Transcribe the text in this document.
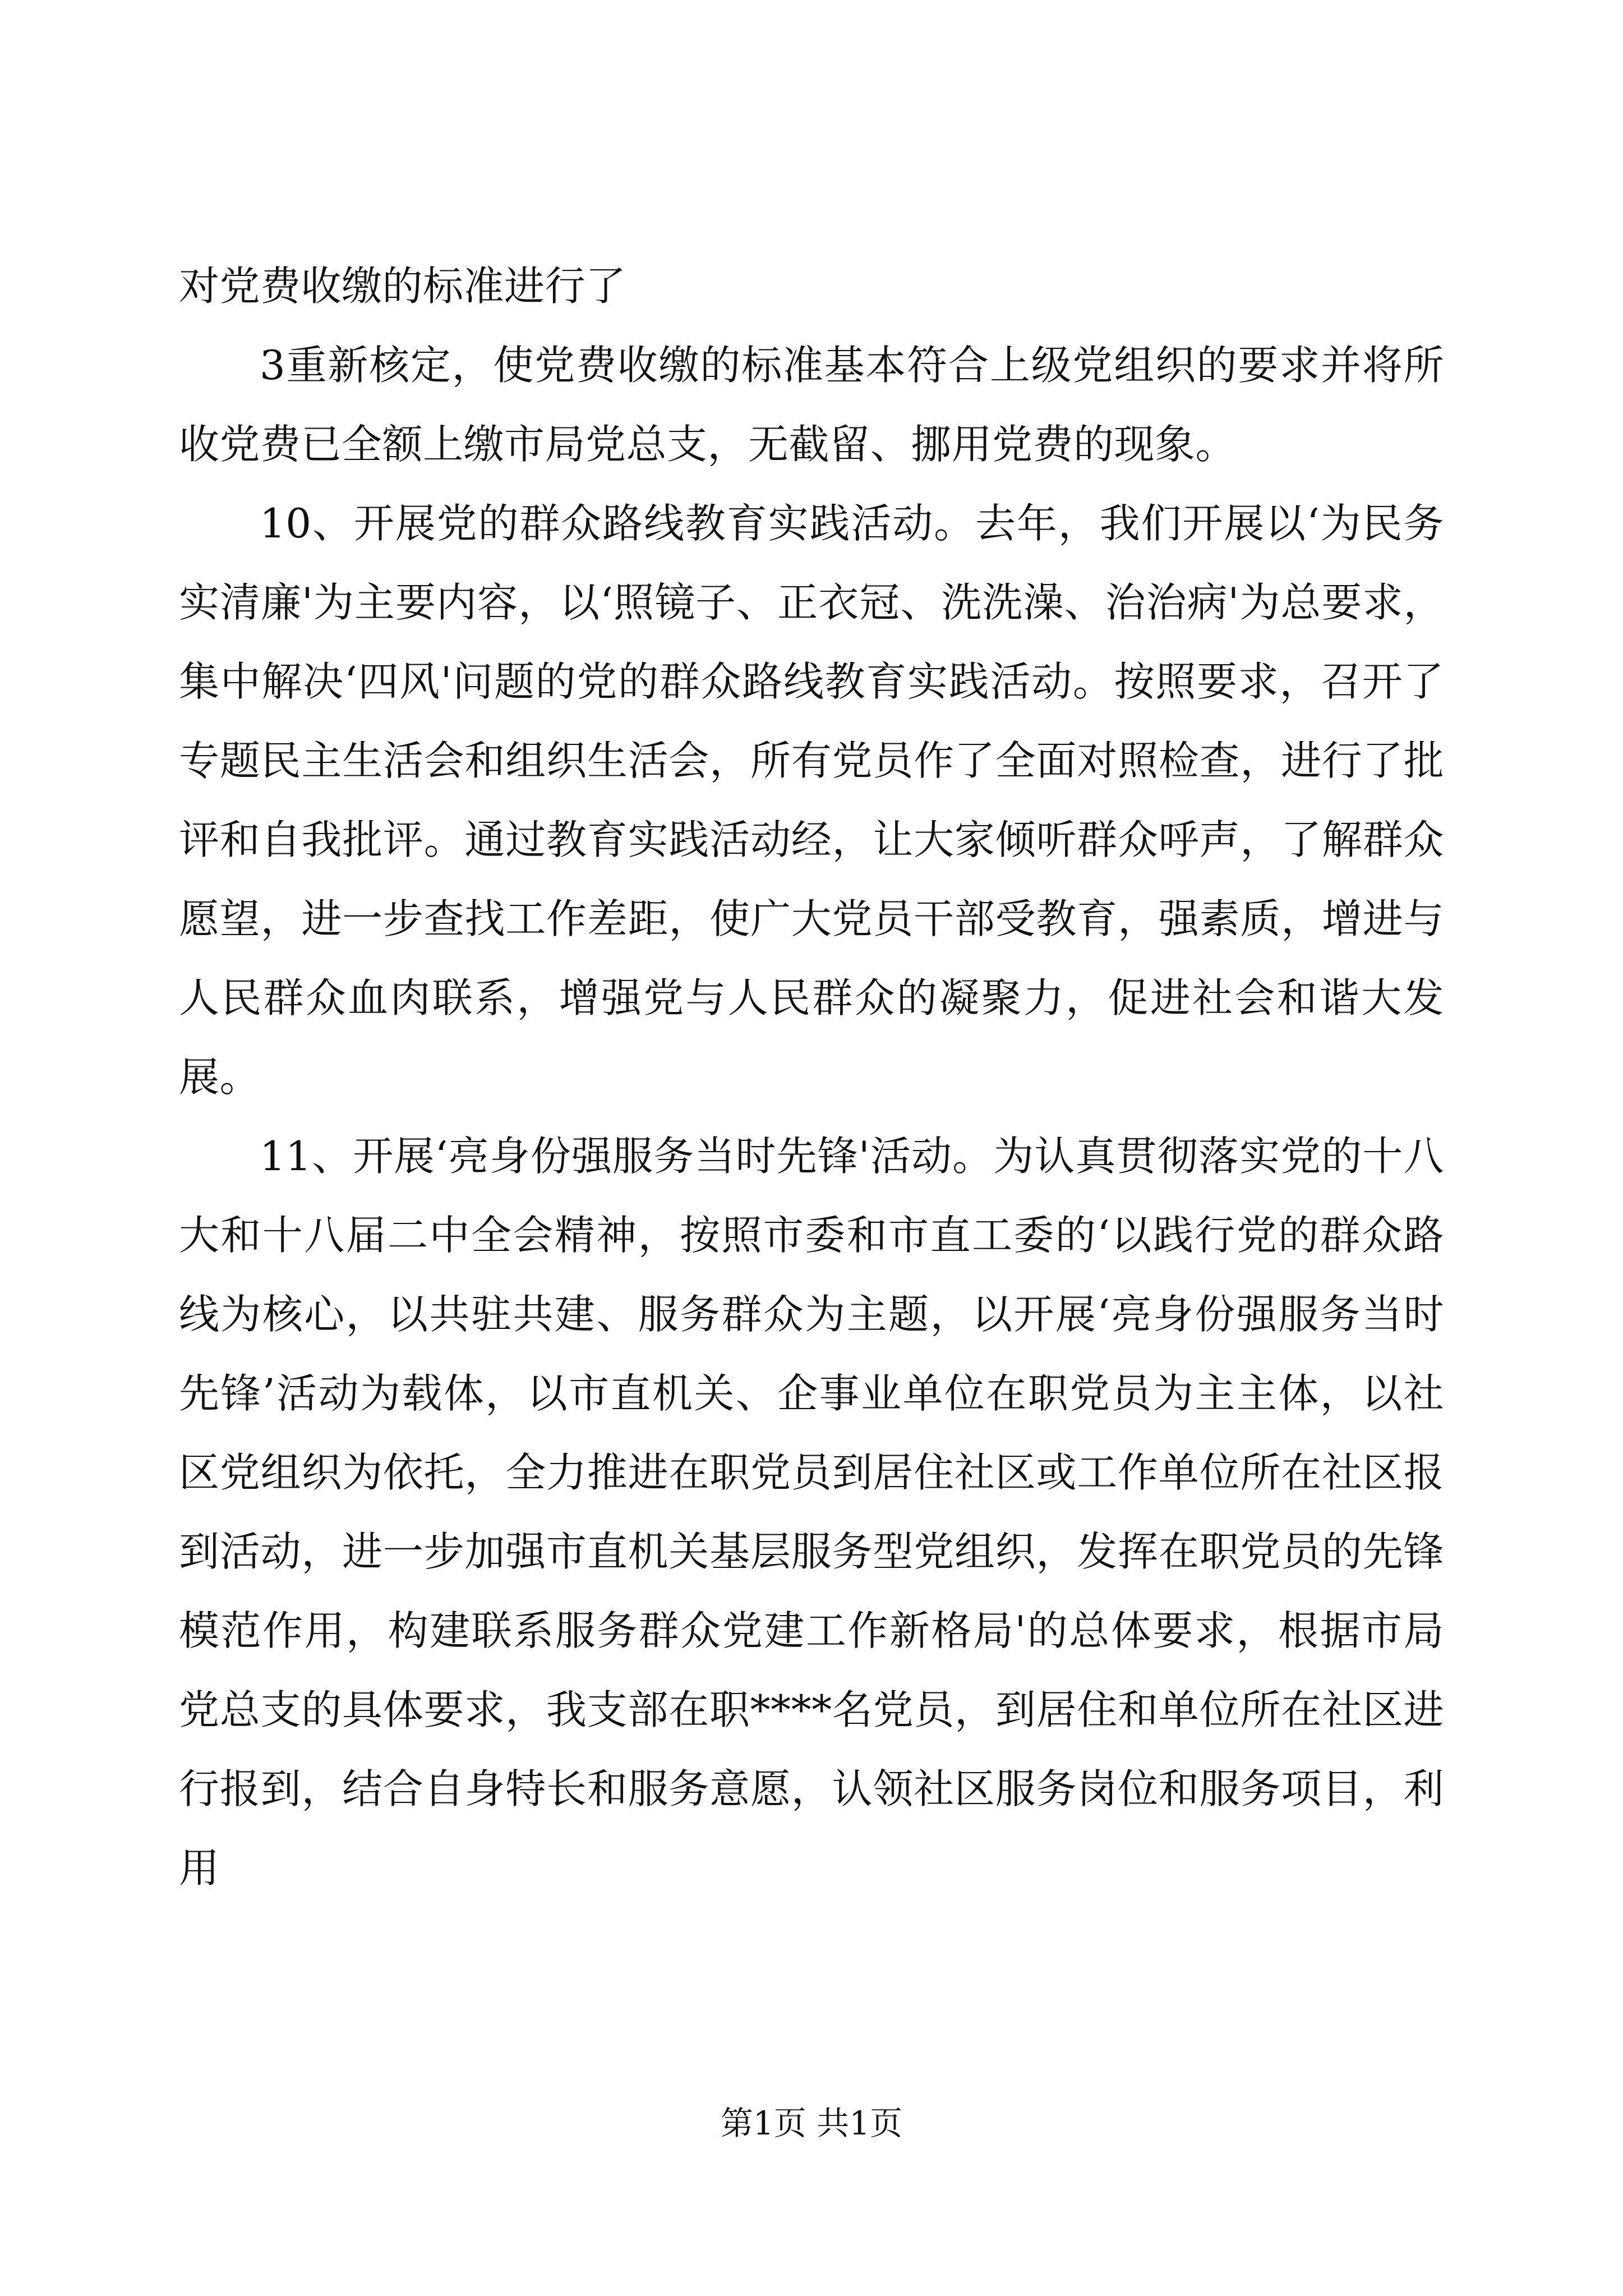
对党费收缴的标准进行了

3重新核定，使党费收缴的标准基本符合上级党组织的要求并将所收党费已全额上缴市局党总支，无截留、挪用党费的现象。

10、开展党的群众路线教育实践活动。去年，我们开展以‘为民务实清廉'为主要内容，以‘照镜子、正衣冠、洗洗澡、治治病'为总要求，集中解决‘四风'问题的党的群众路线教育实践活动。按照要求，召开了专题民主生活会和组织生活会，所有党员作了全面对照检查，进行了批评和自我批评。通过教育实践活动经，让大家倾听群众呼声，了解群众愿望，进一步查找工作差距，使广大党员干部受教育，强素质，增进与人民群众血肉联系，增强党与人民群众的凝聚力，促进社会和谐大发展。

11、开展‘亮身份强服务当时先锋'活动。为认真贯彻落实党的十八大和十八届二中全会精神，按照市委和市直工委的‘以践行党的群众路线为核心，以共驻共建、服务群众为主题，以开展‘亮身份强服务当时先锋’活动为载体，以市直机关、企事业单位在职党员为主主体，以社区党组织为依托，全力推进在职党员到居住社区或工作单位所在社区报到活动，进一步加强市直机关基层服务型党组织，发挥在职党员的先锋模范作用，构建联系服务群众党建工作新格局'的总体要求，根据市局党总支的具体要求，我支部在职****名党员，到居住和单位所在社区进行报到，结合自身特长和服务意愿，认领社区服务岗位和服务项目，利用

第1页 共1页
